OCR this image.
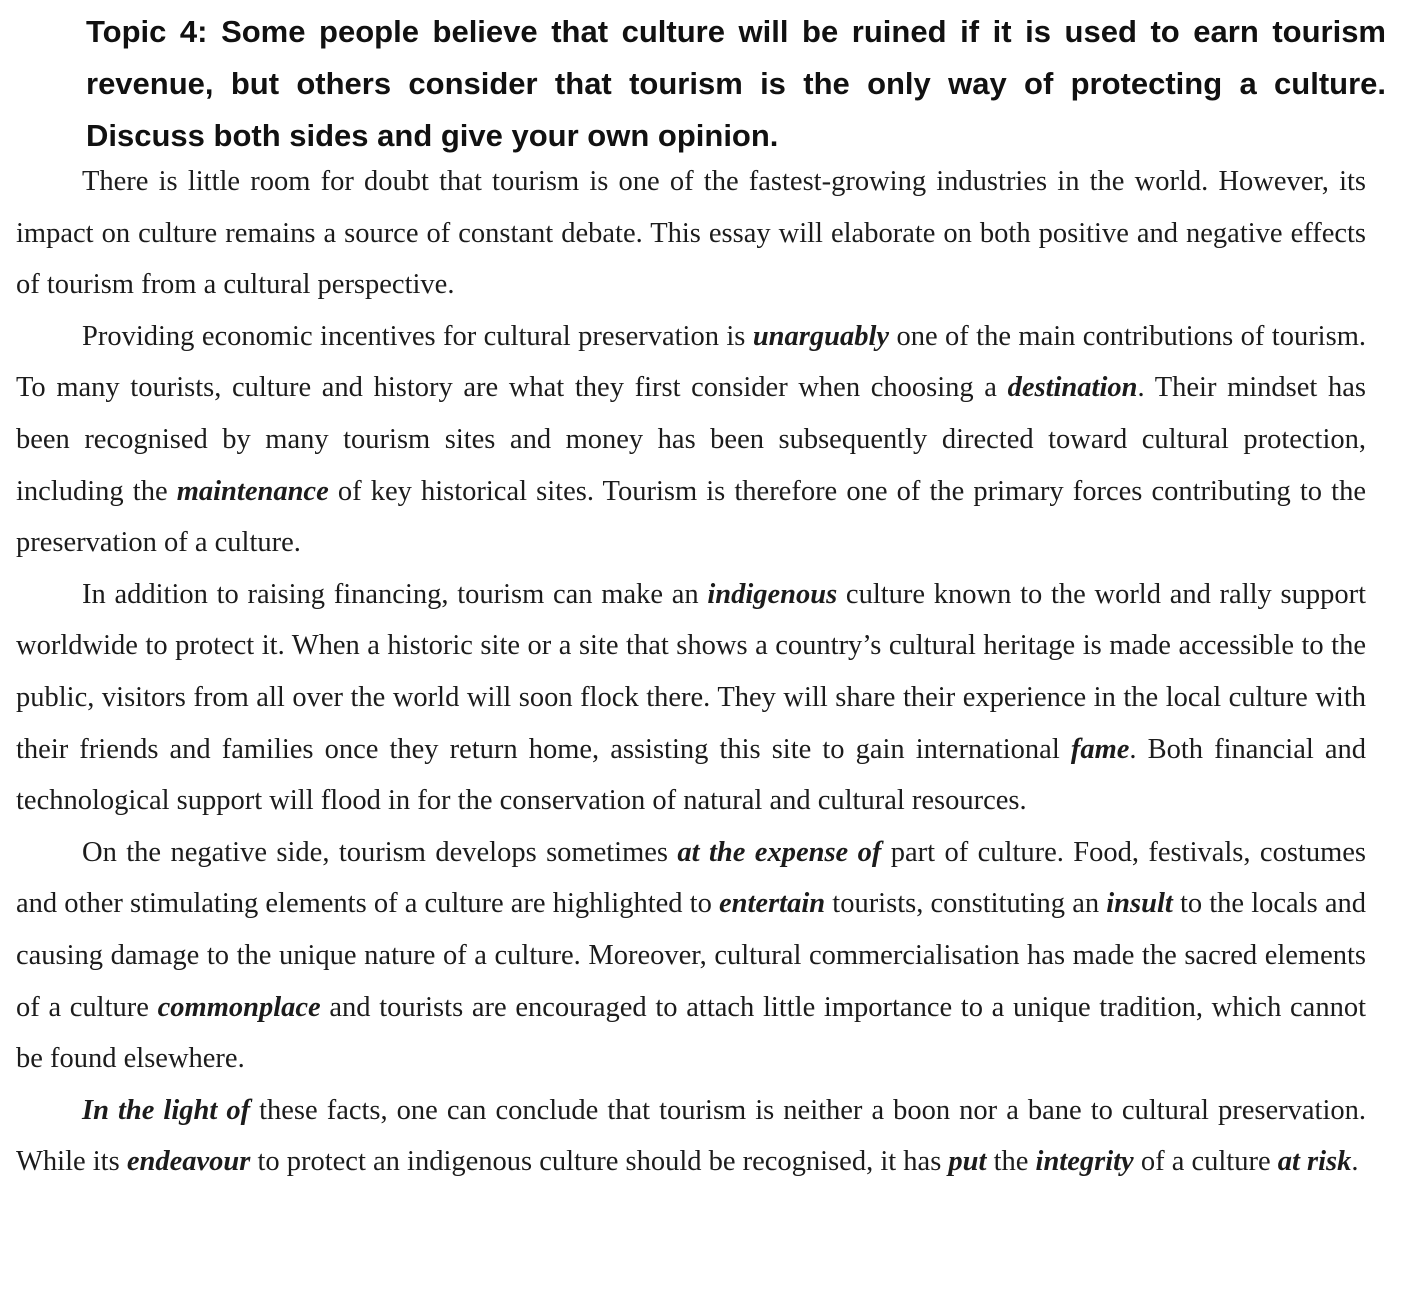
Topic 4: Some people believe that culture will be ruined if it is used to earn tourism revenue, but others consider that tourism is the only way of protecting a culture. Discuss both sides and give your own opinion.

There is little room for doubt that tourism is one of the fastest-growing industries in the world. However, its impact on culture remains a source of constant debate. This essay will elaborate on both positive and negative effects of tourism from a cultural perspective.

Providing economic incentives for cultural preservation is unarguably one of the main contributions of tourism. To many tourists, culture and history are what they first consider when choosing a destination. Their mindset has been recognised by many tourism sites and money has been subsequently directed toward cultural protection, including the maintenance of key historical sites. Tourism is therefore one of the primary forces contributing to the preservation of a culture.

In addition to raising financing, tourism can make an indigenous culture known to the world and rally support worldwide to protect it. When a historic site or a site that shows a country’s cultural heritage is made accessible to the public, visitors from all over the world will soon flock there. They will share their experience in the local culture with their friends and families once they return home, assisting this site to gain international fame. Both financial and technological support will flood in for the conservation of natural and cultural resources.

On the negative side, tourism develops sometimes at the expense of part of culture. Food, festivals, costumes and other stimulating elements of a culture are highlighted to entertain tourists, constituting an insult to the locals and causing damage to the unique nature of a culture. Moreover, cultural commercialisation has made the sacred elements of a culture commonplace and tourists are encouraged to attach little importance to a unique tradition, which cannot be found elsewhere.

In the light of these facts, one can conclude that tourism is neither a boon nor a bane to cultural preservation. While its endeavour to protect an indigenous culture should be recognised, it has put the integrity of a culture at risk.
